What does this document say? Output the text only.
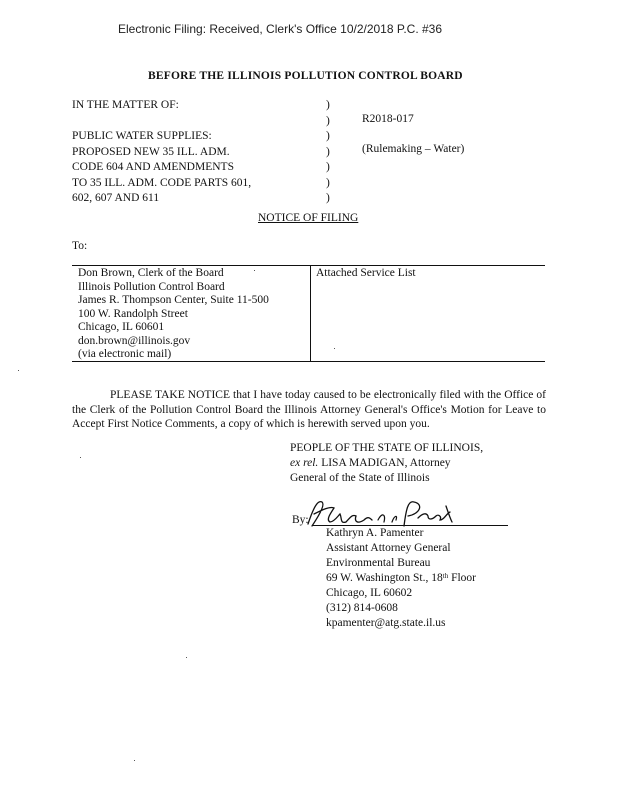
Electronic Filing: Received, Clerk's Office 10/2/2018 P.C. #36
BEFORE THE ILLINOIS POLLUTION CONTROL BOARD
IN THE MATTER OF:

PUBLIC WATER SUPPLIES:
PROPOSED NEW 35 ILL. ADM.
CODE 604 AND AMENDMENTS
TO 35 ILL. ADM. CODE PARTS 601,
602, 607 AND 611
)
)
)
)
)
)
)
R2018-017
(Rulemaking – Water)
NOTICE OF FILING
To:
Don Brown, Clerk of the Board
Illinois Pollution Control Board
James R. Thompson Center, Suite 11-500
100 W. Randolph Street
Chicago, IL 60601
don.brown@illinois.gov
(via electronic mail)
Attached Service List
PLEASE TAKE NOTICE that I have today caused to be electronically filed with the Office of the Clerk of the Pollution Control Board the Illinois Attorney General's Office's Motion for Leave to Accept First Notice Comments, a copy of which is herewith served upon you.
PEOPLE OF THE STATE OF ILLINOIS,
ex rel. LISA MADIGAN, Attorney
General of the State of Illinois
By:
Kathryn A. Pamenter
Assistant Attorney General
Environmental Bureau
69 W. Washington St., 18th Floor
Chicago, IL 60602
(312) 814-0608
kpamenter@atg.state.il.us
